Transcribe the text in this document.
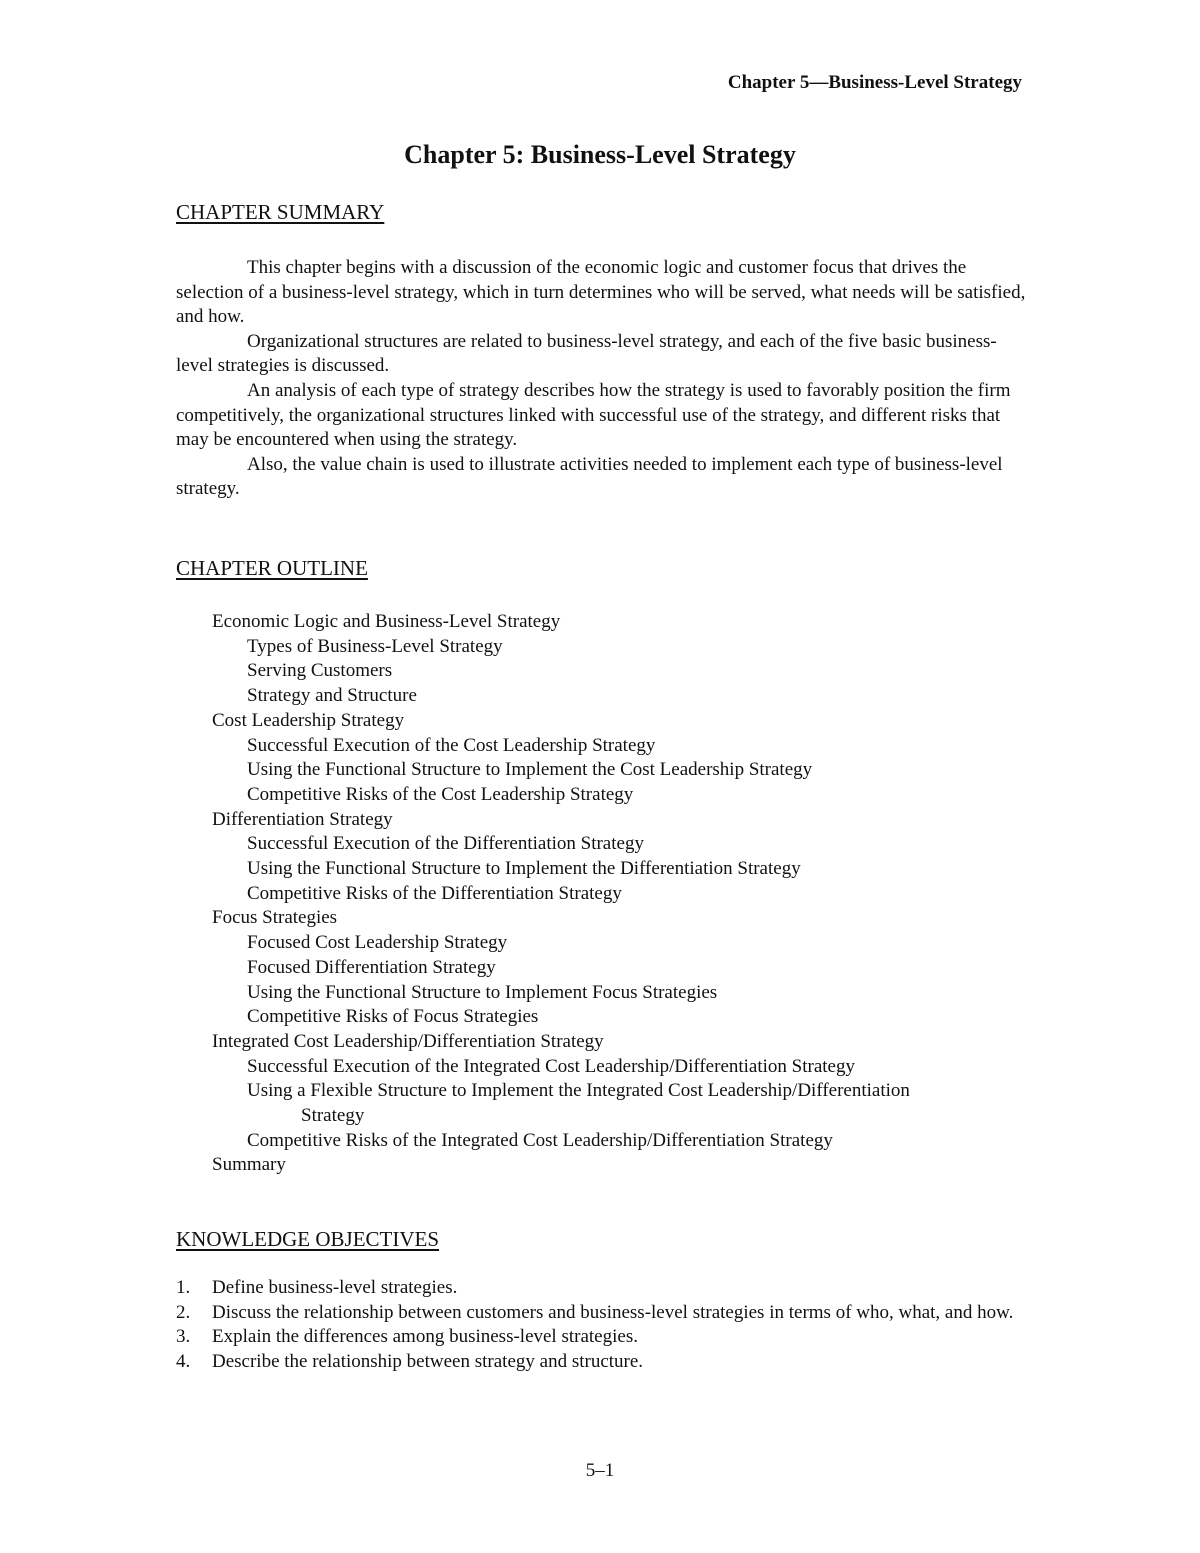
Chapter 5—Business-Level Strategy
Chapter 5: Business-Level Strategy
CHAPTER SUMMARY

This chapter begins with a discussion of the economic logic and customer focus that drives the selection of a business-level strategy, which in turn determines who will be served, what needs will be satisfied, and how.

Organizational structures are related to business-level strategy, and each of the five basic business-level strategies is discussed.

An analysis of each type of strategy describes how the strategy is used to favorably position the firm competitively, the organizational structures linked with successful use of the strategy, and different risks that may be encountered when using the strategy.

Also, the value chain is used to illustrate activities needed to implement each type of business-level strategy.

CHAPTER OUTLINE
Economic Logic and Business-Level Strategy
Types of Business-Level Strategy
Serving Customers
Strategy and Structure
Cost Leadership Strategy
Successful Execution of the Cost Leadership Strategy
Using the Functional Structure to Implement the Cost Leadership Strategy
Competitive Risks of the Cost Leadership Strategy
Differentiation Strategy
Successful Execution of the Differentiation Strategy
Using the Functional Structure to Implement the Differentiation Strategy
Competitive Risks of the Differentiation Strategy
Focus Strategies
Focused Cost Leadership Strategy
Focused Differentiation Strategy
Using the Functional Structure to Implement Focus Strategies
Competitive Risks of Focus Strategies
Integrated Cost Leadership/Differentiation Strategy
Successful Execution of the Integrated Cost Leadership/Differentiation Strategy
Using a Flexible Structure to Implement the Integrated Cost Leadership/Differentiation
Strategy
Competitive Risks of the Integrated Cost Leadership/Differentiation Strategy
Summary
KNOWLEDGE OBJECTIVES
1. Define business-level strategies.
2. Discuss the relationship between customers and business-level strategies in terms of who, what, and how.
3. Explain the differences among business-level strategies.
4. Describe the relationship between strategy and structure.
5–1
